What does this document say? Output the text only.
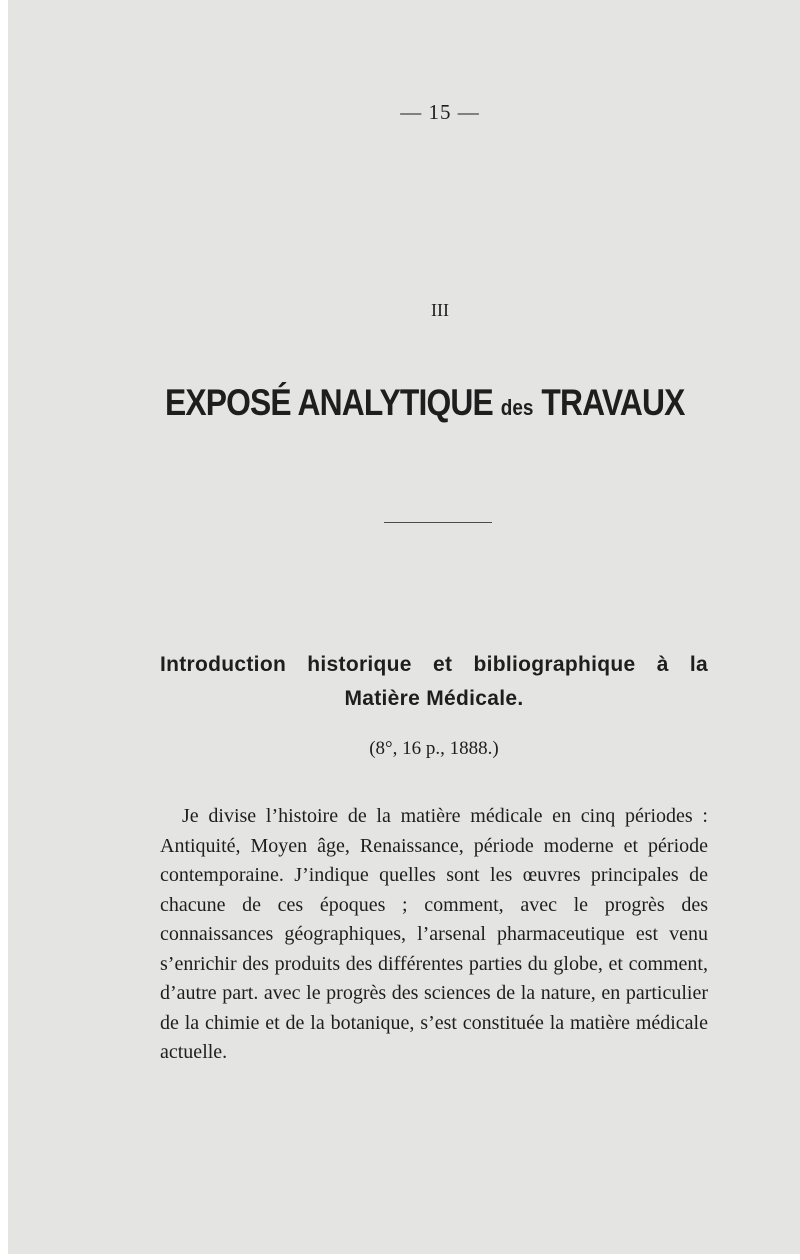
— 15 —
III
EXPOSÉ ANALYTIQUE des TRAVAUX
Introduction historique et bibliographique à la Matière Médicale.
(8°, 16 p., 1888.)

Je divise l’histoire de la matière médicale en cinq périodes : Antiquité, Moyen âge, Renaissance, période moderne et période contemporaine. J’indique quelles sont les œuvres principales de chacune de ces époques ; comment, avec le progrès des connaissances géographiques, l’arsenal pharmaceutique est venu s’enrichir des produits des différentes parties du globe, et comment, d’autre part. avec le progrès des sciences de la nature, en particulier de la chimie et de la botanique, s’est constituée la matière médicale actuelle.
